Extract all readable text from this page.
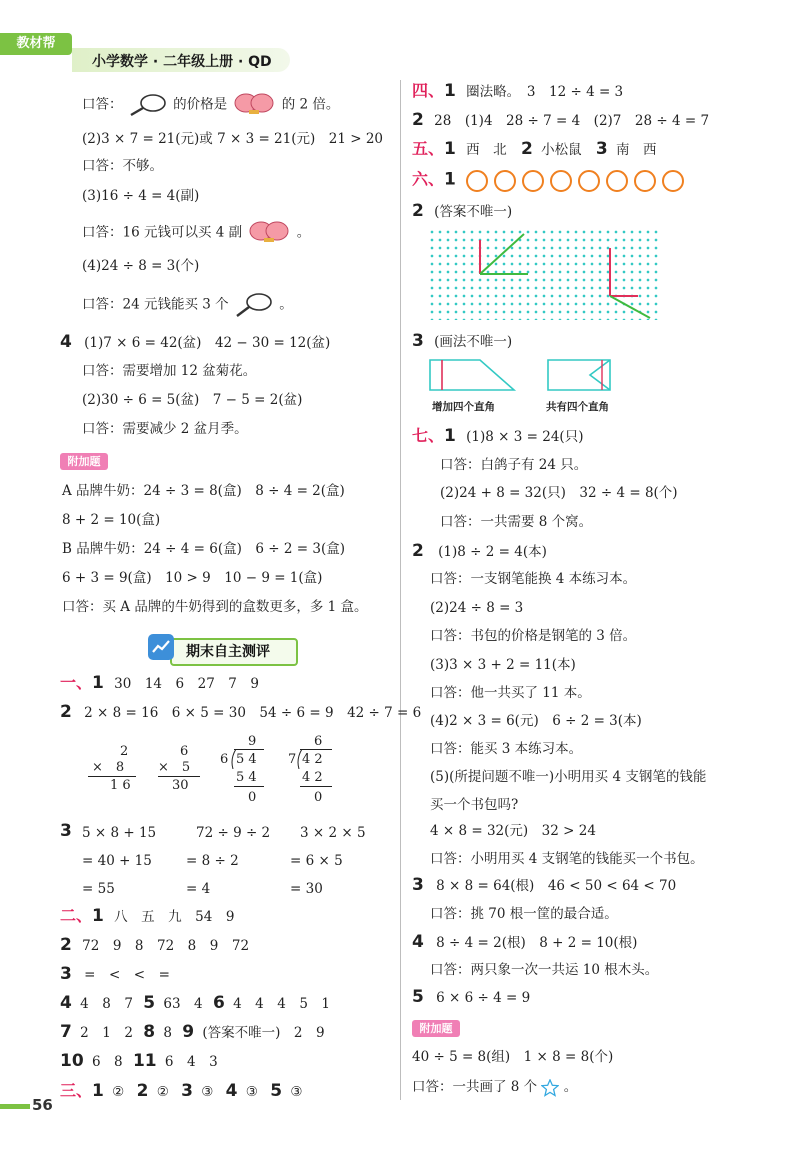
教材帮
小学数学 · 二年级上册 · QD
口答：	的价格是	的 2 倍。
(2)3 × 7 = 21(元)或 7 × 3 = 21(元)　21 > 20
口答：不够。
(3)16 ÷ 4 = 4(副)
口答：16 元钱可以买 4 副	。
(4)24 ÷ 8 = 3(个)
口答：24 元钱能买 3 个	。
4 (1)7 × 6 = 42(盆)　42 − 30 = 12(盆)
口答：需要增加 12 盆菊花。
(2)30 ÷ 6 = 5(盆)　7 − 5 = 2(盆)
口答：需要减少 2 盆月季。
附加题
A 品牌牛奶：24 ÷ 3 = 8(盒)　8 ÷ 4 = 2(盒)
8 + 2 = 10(盒)
B 品牌牛奶：24 ÷ 4 = 6(盒)　6 ÷ 2 = 3(盒)
6 + 3 = 9(盒)　10 > 9　10 − 9 = 1(盒)
口答：买 A 品牌的牛奶得到的盒数更多，多 1 盒。
期末自主测评
一、1 30　14　6　27　7　9
2 2 × 8 = 16　6 × 5 = 30　54 ÷ 6 = 9　42 ÷ 7 = 6
2
×　8
1 6
6
×　5
30
9
6 5 4
5 4
0
6
7 4 2
4 2
0
3 5 × 8 + 15	72 ÷ 9 ÷ 2 3 × 2 × 5
= 40 + 15	= 8 ÷ 2	= 6 × 5
= 55	= 4	= 30
二、1 八　五　九　54　9
2 72　9　8　72　8　9　72
3 =　<　<　=
4 4　8　7 5 63　4 6 4　4　4　5　1
7 2　1　2 8 8 9 (答案不唯一)　2　9
10 6　8 11 6　4　3
三、1 ② 2 ② 3 ③ 4 ③ 5 ③
56
四、1 圈法略。　3　12 ÷ 4 = 3
2 28　(1)4　28 ÷ 7 = 4　(2)7　28 ÷ 4 = 7
五、1 西　北 2 小松鼠 3 南　西
六、1
2 (答案不唯一)
3 (画法不唯一)
增加四个直角	共有四个直角
七、1 (1)8 × 3 = 24(只)
口答：白鸽子有 24 只。
(2)24 + 8 = 32(只)　32 ÷ 4 = 8(个)
口答：一共需要 8 个窝。
2 (1)8 ÷ 2 = 4(本)
口答：一支钢笔能换 4 本练习本。
(2)24 ÷ 8 = 3
口答：书包的价格是钢笔的 3 倍。
(3)3 × 3 + 2 = 11(本)
口答：他一共买了 11 本。
(4)2 × 3 = 6(元)　6 ÷ 2 = 3(本)
口答：能买 3 本练习本。
(5)(所提问题不唯一)小明用买 4 支钢笔的钱能
买一个书包吗?
4 × 8 = 32(元)　32 > 24
口答：小明用买 4 支钢笔的钱能买一个书包。
3 8 × 8 = 64(根)　46 < 50 < 64 < 70
口答：挑 70 根一筐的最合适。
4 8 ÷ 4 = 2(根)　8 + 2 = 10(根)
口答：两只象一次一共运 10 根木头。
5 6 × 6 ÷ 4 = 9
附加题
40 ÷ 5 = 8(组)　1 × 8 = 8(个)
口答：一共画了 8 个 。
